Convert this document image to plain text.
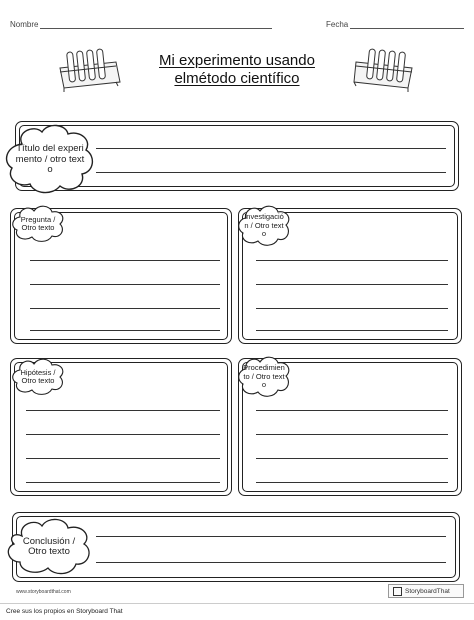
Nombre	Fecha
Mi experimento usando
elmétodo científico
Título del experimento / otro texto
Pregunta / Otro texto
Investigación / Otro texto
Hipótesis / Otro texto
Procedimiento / Otro texto
Conclusión / Otro texto
www.storyboardthat.com	StoryboardThat
Cree sus los propios en Storyboard That
